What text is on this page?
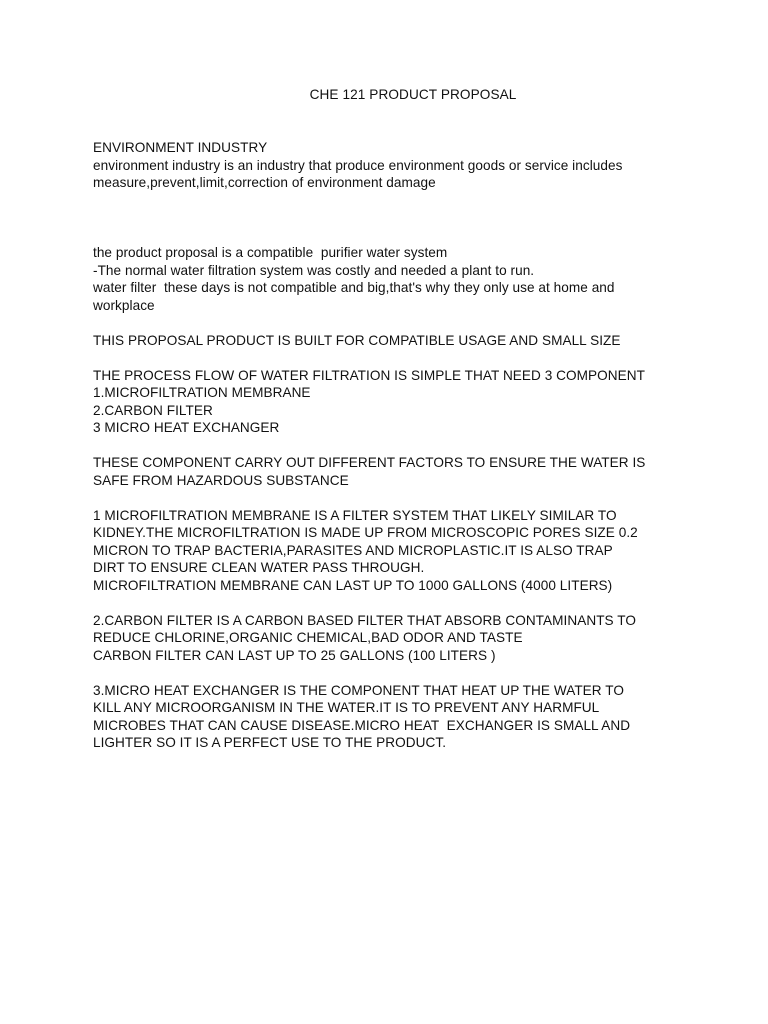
CHE 121 PRODUCT PROPOSAL
ENVIRONMENT INDUSTRY
environment industry is an industry that produce environment goods or service includes
measure,prevent,limit,correction of environment damage
the product proposal is a compatible  purifier water system
-The normal water filtration system was costly and needed a plant to run.
water filter  these days is not compatible and big,that's why they only use at home and
workplace
THIS PROPOSAL PRODUCT IS BUILT FOR COMPATIBLE USAGE AND SMALL SIZE
THE PROCESS FLOW OF WATER FILTRATION IS SIMPLE THAT NEED 3 COMPONENT
1.MICROFILTRATION MEMBRANE
2.CARBON FILTER
3 MICRO HEAT EXCHANGER
THESE COMPONENT CARRY OUT DIFFERENT FACTORS TO ENSURE THE WATER IS
SAFE FROM HAZARDOUS SUBSTANCE
1 MICROFILTRATION MEMBRANE IS A FILTER SYSTEM THAT LIKELY SIMILAR TO
KIDNEY.THE MICROFILTRATION IS MADE UP FROM MICROSCOPIC PORES SIZE 0.2
MICRON TO TRAP BACTERIA,PARASITES AND MICROPLASTIC.IT IS ALSO TRAP
DIRT TO ENSURE CLEAN WATER PASS THROUGH.
MICROFILTRATION MEMBRANE CAN LAST UP TO 1000 GALLONS (4000 LITERS)
2.CARBON FILTER IS A CARBON BASED FILTER THAT ABSORB CONTAMINANTS TO
REDUCE CHLORINE,ORGANIC CHEMICAL,BAD ODOR AND TASTE
CARBON FILTER CAN LAST UP TO 25 GALLONS (100 LITERS )
3.MICRO HEAT EXCHANGER IS THE COMPONENT THAT HEAT UP THE WATER TO
KILL ANY MICROORGANISM IN THE WATER.IT IS TO PREVENT ANY HARMFUL
MICROBES THAT CAN CAUSE DISEASE.MICRO HEAT  EXCHANGER IS SMALL AND
LIGHTER SO IT IS A PERFECT USE TO THE PRODUCT.
